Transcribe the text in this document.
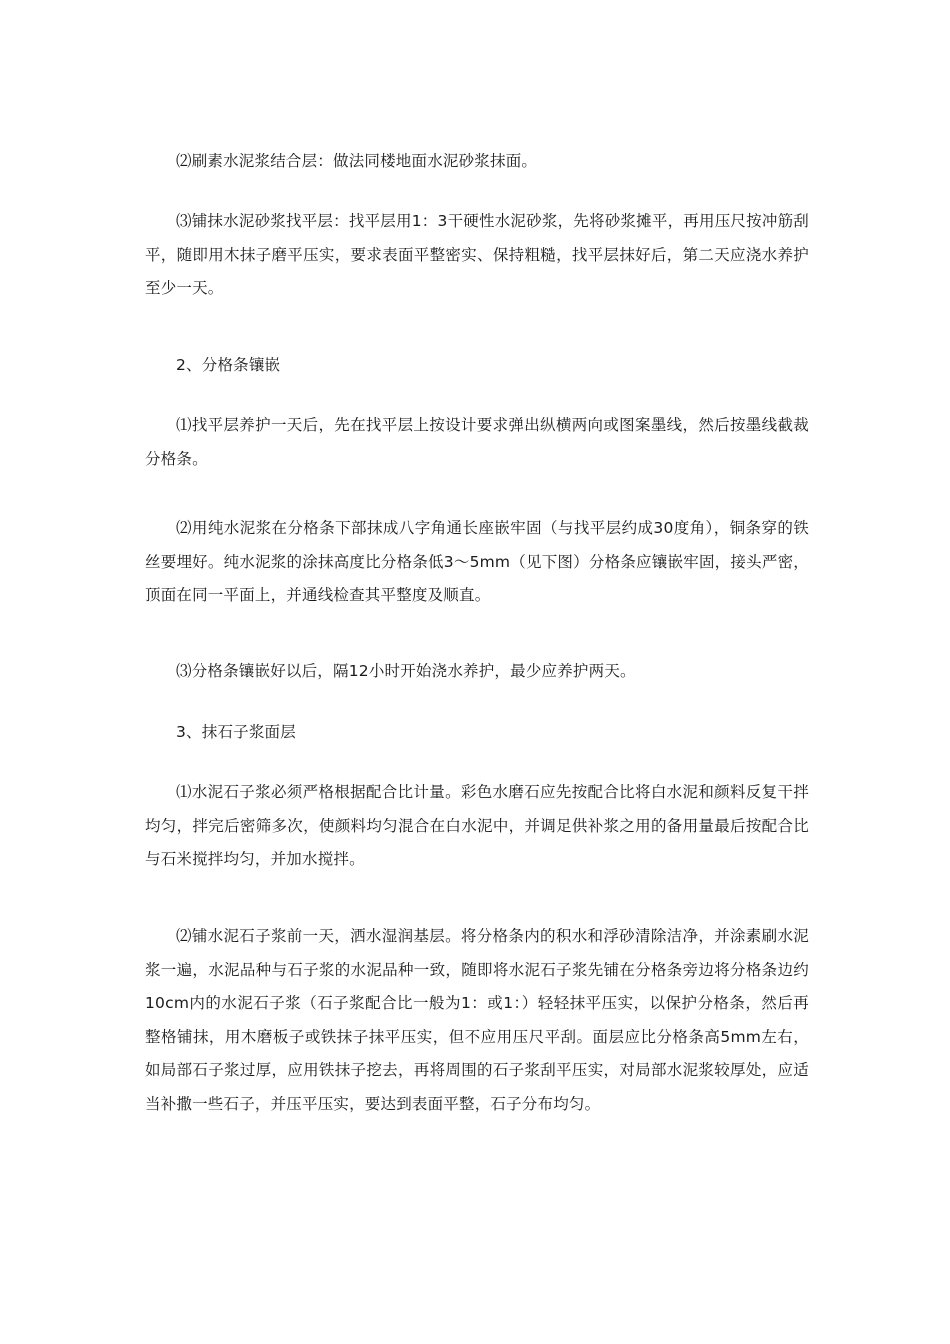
⑵刷素水泥浆结合层：做法同楼地面水泥砂浆抹面。

⑶铺抹水泥砂浆找平层：找平层用1：3干硬性水泥砂浆，先将砂浆摊平，再用压尺按冲筋刮平，随即用木抹子磨平压实，要求表面平整密实、保持粗糙，找平层抹好后，第二天应浇水养护至少一天。

2、分格条镶嵌

⑴找平层养护一天后，先在找平层上按设计要求弹出纵横两向或图案墨线，然后按墨线截裁分格条。

⑵用纯水泥浆在分格条下部抹成八字角通长座嵌牢固（与找平层约成30度角），铜条穿的铁丝要埋好。纯水泥浆的涂抹高度比分格条低3～5mm（见下图）分格条应镶嵌牢固，接头严密，顶面在同一平面上，并通线检查其平整度及顺直。

⑶分格条镶嵌好以后，隔12小时开始浇水养护，最少应养护两天。

3、抹石子浆面层

⑴水泥石子浆必须严格根据配合比计量。彩色水磨石应先按配合比将白水泥和颜料反复干拌均匀，拌完后密筛多次，使颜料均匀混合在白水泥中，并调足供补浆之用的备用量最后按配合比与石米搅拌均匀，并加水搅拌。

⑵铺水泥石子浆前一天，洒水湿润基层。将分格条内的积水和浮砂清除洁净，并涂素刷水泥浆一遍，水泥品种与石子浆的水泥品种一致，随即将水泥石子浆先铺在分格条旁边将分格条边约10cm内的水泥石子浆（石子浆配合比一般为1：或1：）轻轻抹平压实，以保护分格条，然后再整格铺抹，用木磨板子或铁抹子抹平压实，但不应用压尺平刮。面层应比分格条高5mm左右，如局部石子浆过厚，应用铁抹子挖去，再将周围的石子浆刮平压实，对局部水泥浆较厚处，应适当补撒一些石子，并压平压实，要达到表面平整，石子分布均匀。
